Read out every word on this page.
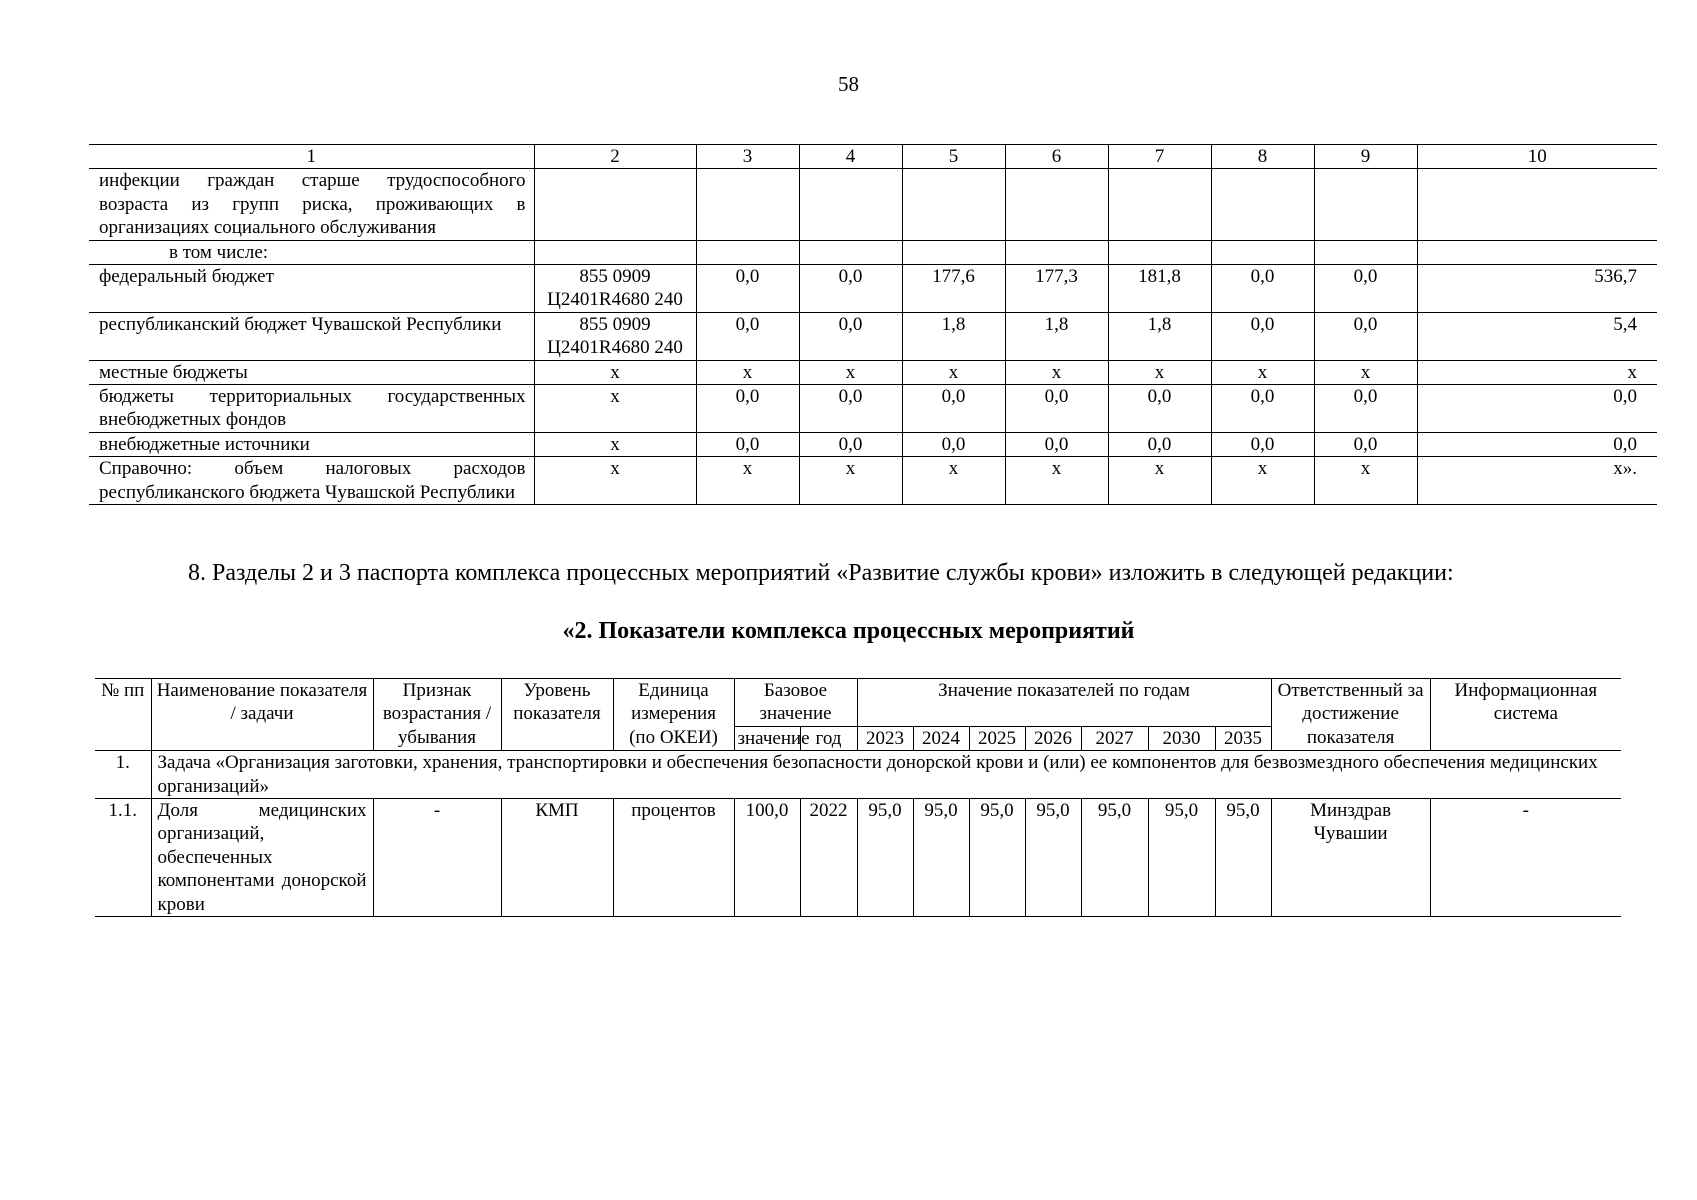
58
1	2	3	4	5	6	7	8	9	10
инфекции граждан старше трудоспособного возраста из групп риска, проживающих в организациях социального обслуживания									
в том числе:									
федеральный бюджет	855 0909 Ц2401R4680 240	0,0	0,0	177,6	177,3	181,8	0,0	0,0	536,7
республиканский бюджет Чувашской Республики	855 0909 Ц2401R4680 240	0,0	0,0	1,8	1,8	1,8	0,0	0,0	5,4
местные бюджеты	х	х	х	х	х	х	х	х	х
бюджеты территориальных государственных внебюджетных фондов	х	0,0	0,0	0,0	0,0	0,0	0,0	0,0	0,0
внебюджетные источники	х	0,0	0,0	0,0	0,0	0,0	0,0	0,0	0,0
Справочно: объем налоговых расходов республиканского бюджета Чувашской Республики	х	х	х	х	х	х	х	х	х».
8. Разделы 2 и 3 паспорта комплекса процессных мероприятий «Развитие службы крови» изложить в следующей редакции:
«2. Показатели комплекса процессных мероприятий
№ пп	Наименование показателя / задачи	Признак возрастания / убывания	Уровень показателя	Единица измерения (по ОКЕИ)	Базовое значение		Значение показателей по годам							Ответственный за достижение показателя	Информационная система

					значение	год	2023	2024	2025	2026	2027	2030	2035		
1.	Задача «Организация заготовки, хранения, транспортировки и обеспечения безопасности донорской крови и (или) ее компонентов для безвозмездного обеспечения медицинских организаций»														
1.1.	Доля медицинских организаций, обеспеченных компонентами донорской крови	-	КМП	процентов	100,0	2022	95,0	95,0	95,0	95,0	95,0	95,0	95,0	Минздрав Чувашии	-
